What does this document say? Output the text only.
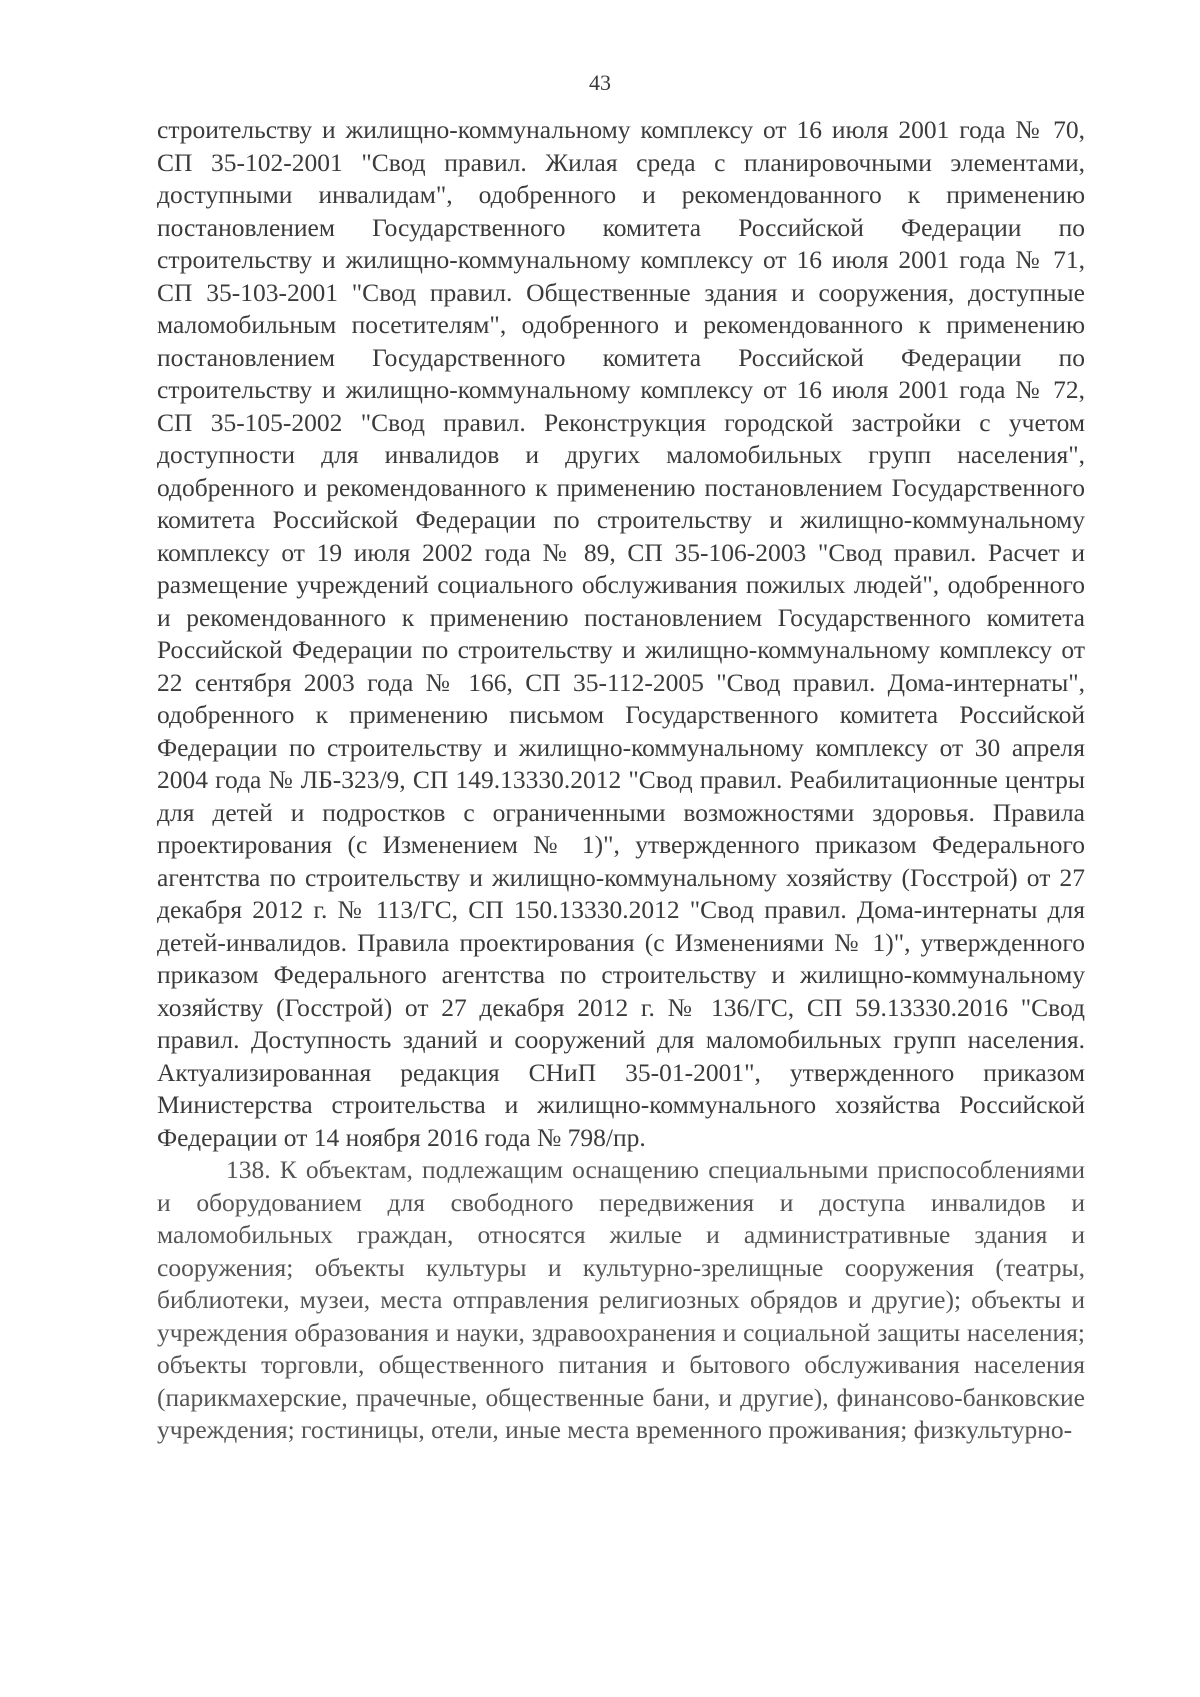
43

строительству и жилищно-коммунальному комплексу от 16 июля 2001 года № 70, СП 35-102-2001 "Свод правил. Жилая среда с планировочными элементами, доступными инвалидам", одобренного и рекомендованного к применению постановлением Государственного комитета Российской Федерации по строительству и жилищно-коммунальному комплексу от 16 июля 2001 года № 71, СП 35-103-2001 "Свод правил. Общественные здания и сооружения, доступные маломобильным посетителям", одобренного и рекомендованного к применению постановлением Государственного комитета Российской Федерации по строительству и жилищно-коммунальному комплексу от 16 июля 2001 года № 72, СП 35-105-2002 "Свод правил. Реконструкция городской застройки с учетом доступности для инвалидов и других маломобильных групп населения", одобренного и рекомендованного к применению постановлением Государственного комитета Российской Федерации по строительству и жилищно-коммунальному комплексу от 19 июля 2002 года № 89, СП 35-106-2003 "Свод правил. Расчет и размещение учреждений социального обслуживания пожилых людей", одобренного и рекомендованного к применению постановлением Государственного комитета Российской Федерации по строительству и жилищно-коммунальному комплексу от 22 сентября 2003 года № 166, СП 35-112-2005 "Свод правил. Дома-интернаты", одобренного к применению письмом Государственного комитета Российской Федерации по строительству и жилищно-коммунальному комплексу от 30 апреля 2004 года № ЛБ-323/9, СП 149.13330.2012 "Свод правил. Реабилитационные центры для детей и подростков с ограниченными возможностями здоровья. Правила проектирования (с Изменением № 1)", утвержденного приказом Федерального агентства по строительству и жилищно-коммунальному хозяйству (Госстрой) от 27 декабря 2012 г. № 113/ГС, СП 150.13330.2012 "Свод правил. Дома-интернаты для детей-инвалидов. Правила проектирования (с Изменениями № 1)", утвержденного приказом Федерального агентства по строительству и жилищно-коммунальному хозяйству (Госстрой) от 27 декабря 2012 г. № 136/ГС, СП 59.13330.2016 "Свод правил. Доступность зданий и сооружений для маломобильных групп населения. Актуализированная редакция СНиП 35-01-2001", утвержденного приказом Министерства строительства и жилищно-коммунального хозяйства Российской Федерации от 14 ноября 2016 года № 798/пр.

138. К объектам, подлежащим оснащению специальными приспособлениями и оборудованием для свободного передвижения и доступа инвалидов и маломобильных граждан, относятся жилые и административные здания и сооружения; объекты культуры и культурно-зрелищные сооружения (театры, библиотеки, музеи, места отправления религиозных обрядов и другие); объекты и учреждения образования и науки, здравоохранения и социальной защиты населения; объекты торговли, общественного питания и бытового обслуживания населения (парикмахерские, прачечные, общественные бани, и другие), финансово-банковские учреждения; гостиницы, отели, иные места временного проживания; физкультурно-
